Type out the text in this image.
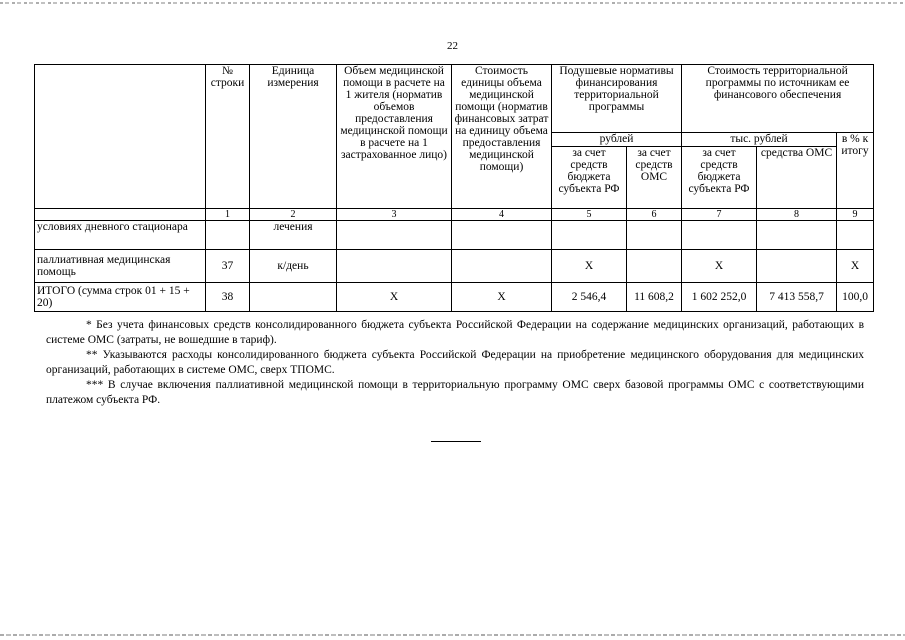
22
	№ строки	Единица измерения	Объем медицинской помощи в расчете на 1 жителя (норматив объемов предоставления медицинской помощи в расчете на 1 застрахованное лицо)	Стоимость единицы объема медицинской помощи (норматив финансовых затрат на единицу объема предоставления медицинской помощи)	Подушевые нормативы финансирования территориальной программы		Стоимость территориальной программы по источникам ее финансового обеспечения		
					рублей		тыс. рублей		в % к итогу
					за счет средств бюджета субъекта РФ	за счет средств ОМС	за счет средств бюджета субъекта РФ	средства ОМС	
	1	2	3	4	5	6	7	8	9
условиях дневного стационара		лечения							
паллиативная медицинская помощь	37	к/день			Х		Х		Х
ИТОГО (сумма строк 01 + 15 + 20)	38		Х	Х	2 546,4	11 608,2	1 602 252,0	7 413 558,7	100,0

* Без учета финансовых средств консолидированного бюджета субъекта Российской Федерации на содержание медицинских организаций, работающих в системе ОМС (затраты, не вошедшие в тариф).

** Указываются расходы консолидированного бюджета субъекта Российской Федерации на приобретение медицинского оборудования для медицинских организаций, работающих в системе ОМС, сверх ТПОМС.

*** В случае включения паллиативной медицинской помощи в территориальную программу ОМС сверх базовой программы ОМС с соответствующими платежом субъекта РФ.
